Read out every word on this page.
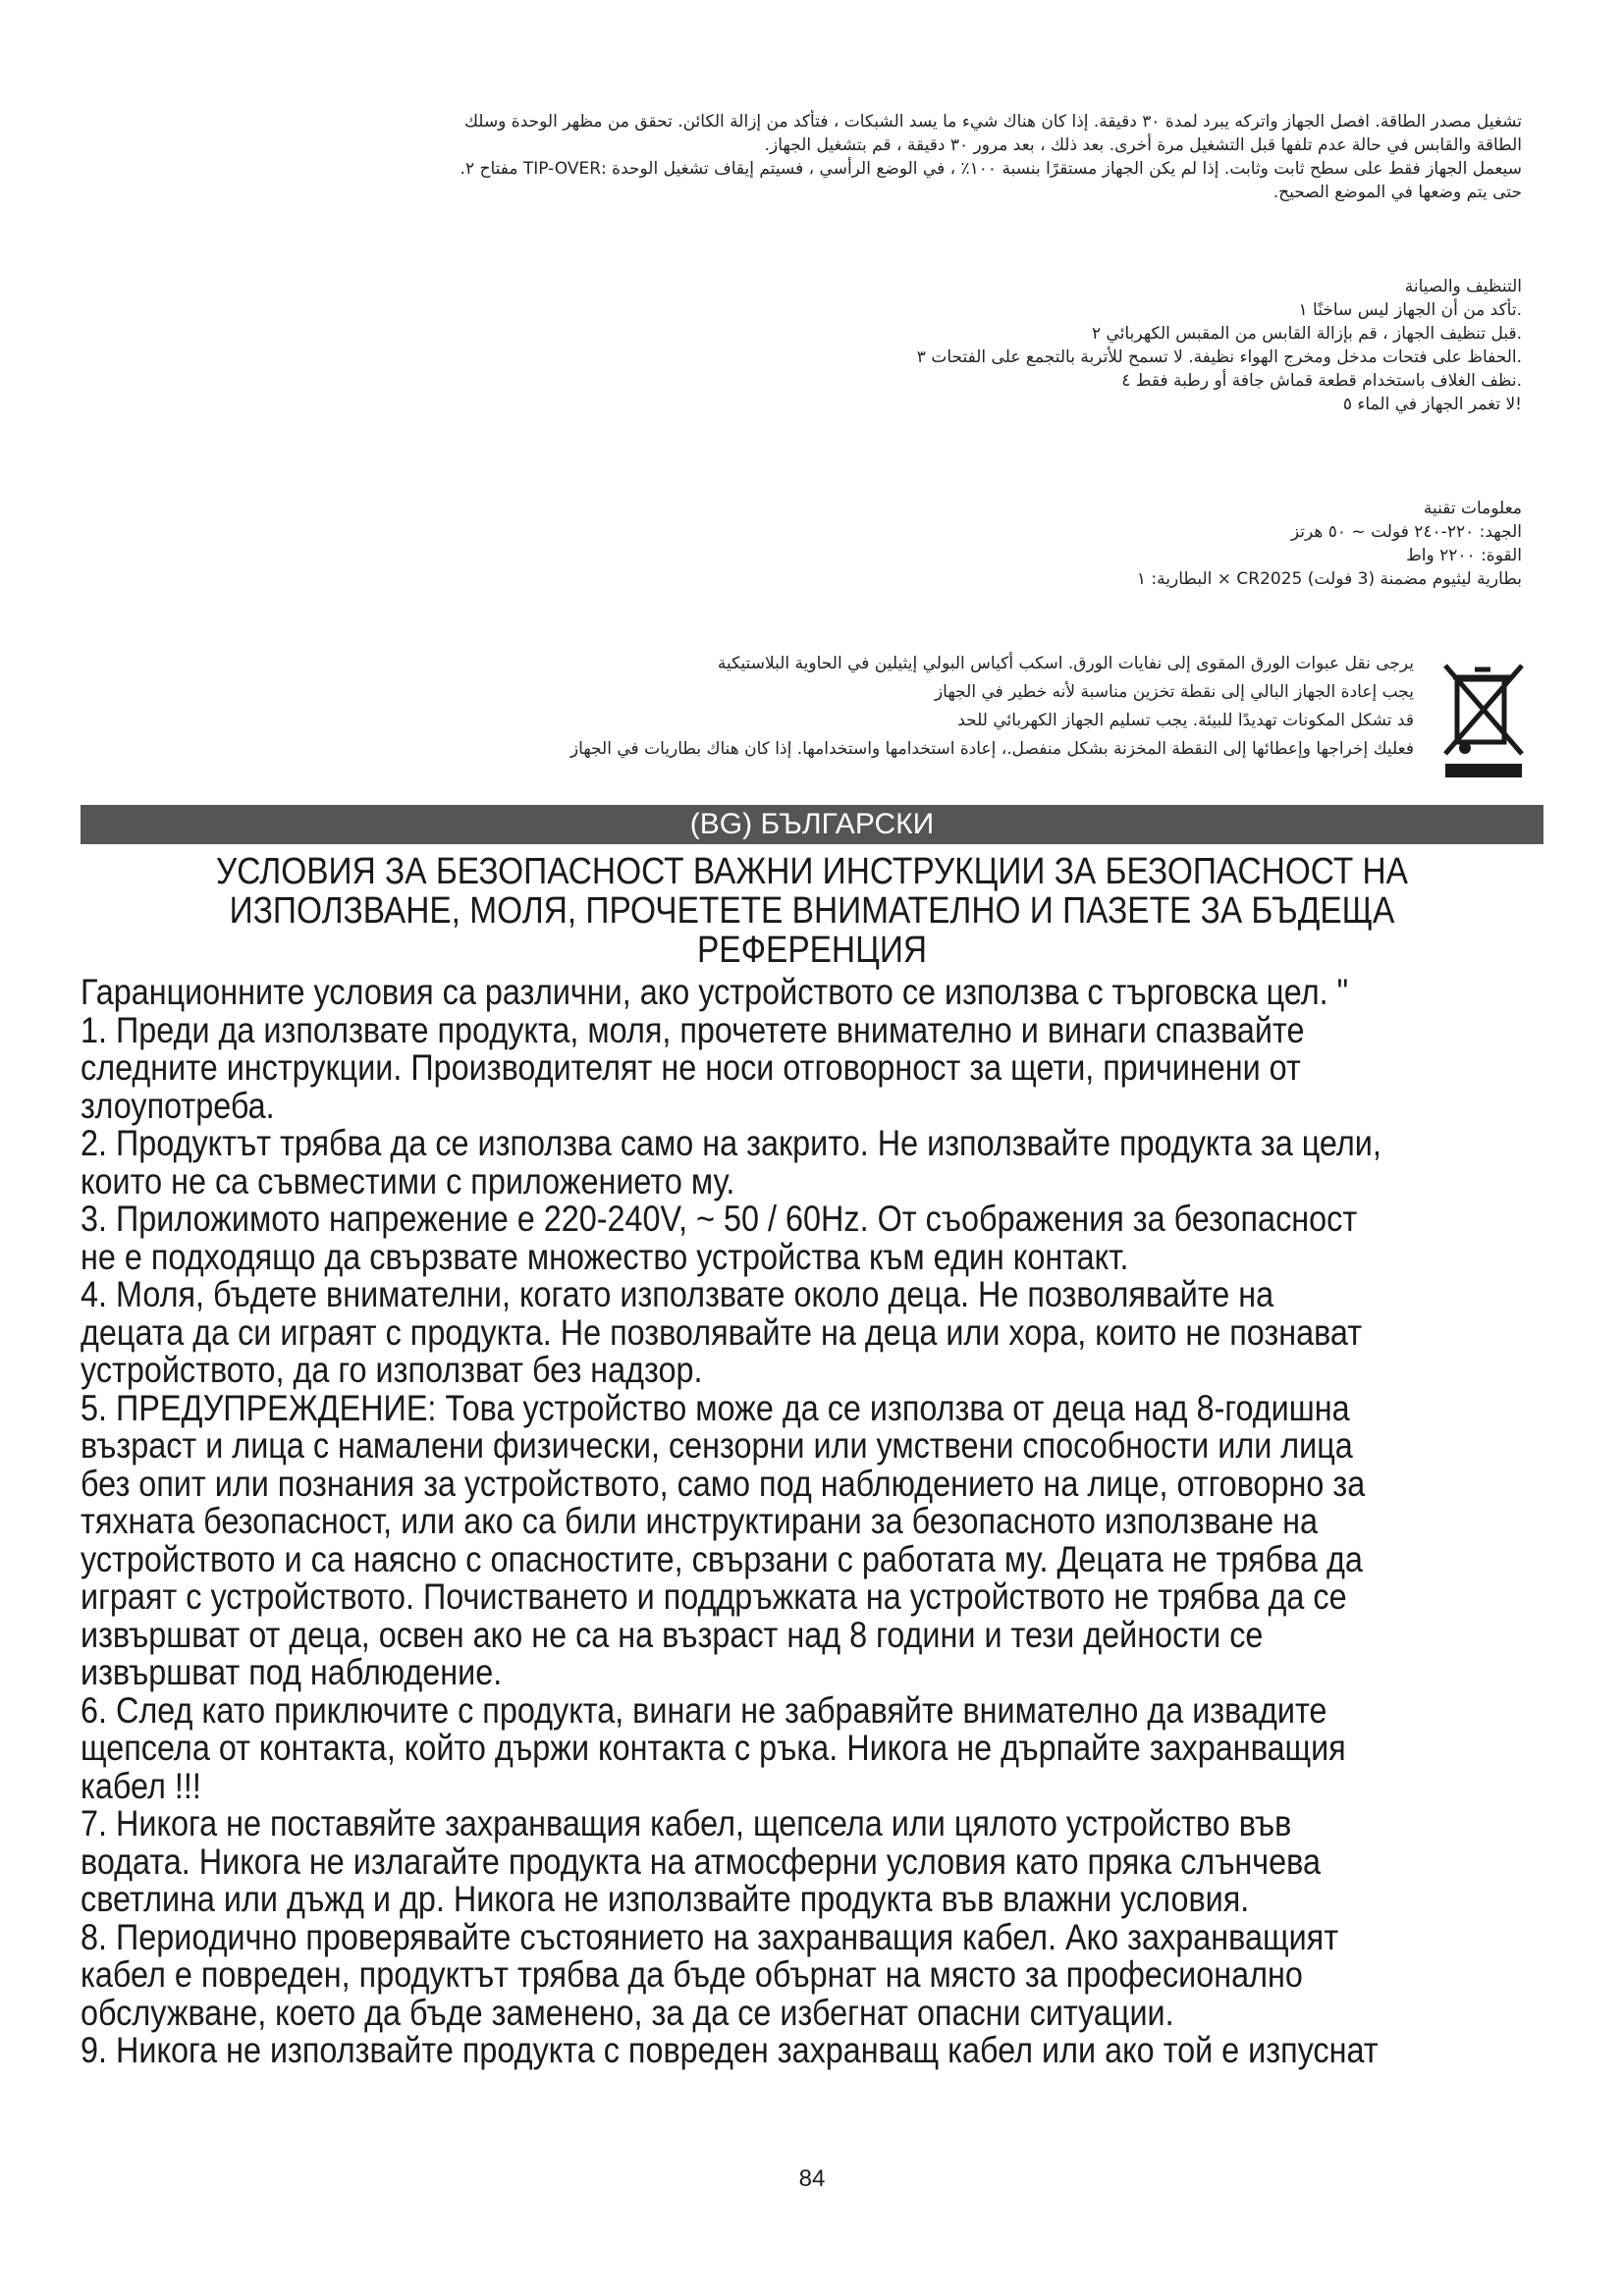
تشغيل مصدر الطاقة. افصل الجهاز واتركه يبرد لمدة ٣٠ دقيقة. إذا كان هناك شيء ما يسد الشبكات ، فتأكد من إزالة الكائن. تحقق من مظهر الوحدة وسلك
الطاقة والقابس في حالة عدم تلفها قبل التشغيل مرة أخرى. بعد ذلك ، بعد مرور ٣٠ دقيقة ، قم بتشغيل الجهاز.
سيعمل الجهاز فقط على سطح ثابت وثابت. إذا لم يكن الجهاز مستقرًا بنسبة ١٠٠٪ ، في الوضع الرأسي ، فسيتم إيقاف تشغيل الوحدة :TIP-OVER مفتاح ٢.
حتى يتم وضعها في الموضع الصحيح.
التنظيف والصيانة
.تأكد من أن الجهاز ليس ساخنًا ١
.قبل تنظيف الجهاز ، قم بإزالة القابس من المقبس الكهربائي ٢
.الحفاظ على فتحات مدخل ومخرج الهواء نظيفة. لا تسمح للأتربة بالتجمع على الفتحات ٣
.نظف الغلاف باستخدام قطعة قماش جافة أو رطبة فقط ٤
!لا تغمر الجهاز في الماء ٥
معلومات تقنية
الجهد: ٢٢٠-٢٤٠ فولت ~ ٥٠ هرتز
القوة: ٢٢٠٠ واط
بطارية ليثيوم مضمنة (3 فولت) CR2025 × البطارية: ١
يرجى نقل عبوات الورق المقوى إلى نفايات الورق. اسكب أكياس البولي إيثيلين في الحاوية البلاستيكية
يجب إعادة الجهاز البالي إلى نقطة تخزين مناسبة لأنه خطير في الجهاز
قد تشكل المكونات تهديدًا للبيئة. يجب تسليم الجهاز الكهربائي للحد
فعليك إخراجها وإعطائها إلى النقطة المخزنة بشكل منفصل.، إعادة استخدامها واستخدامها. إذا كان هناك بطاريات في الجهاز
(BG) БЪЛГАРСКИ
УСЛОВИЯ ЗА БЕЗОПАСНОСТ ВАЖНИ ИНСТРУКЦИИ ЗА БЕЗОПАСНОСТ НА
ИЗПОЛЗВАНЕ, МОЛЯ, ПРОЧЕТЕТЕ ВНИМАТЕЛНО И ПАЗЕТЕ ЗА БЪДЕЩА
РЕФЕРЕНЦИЯ
Гаранционните условия са различни, ако устройството се използва с търговска цел. "
1. Преди да използвате продукта, моля, прочетете внимателно и винаги спазвайте
следните инструкции. Производителят не носи отговорност за щети, причинени от
злоупотреба.
2. Продуктът трябва да се използва само на закрито. Не използвайте продукта за цели,
които не са съвместими с приложението му.
3. Приложимото напрежение е 220-240V, ~ 50 / 60Hz. От съображения за безопасност
не е подходящо да свързвате множество устройства към един контакт.
4. Моля, бъдете внимателни, когато използвате около деца. Не позволявайте на
децата да си играят с продукта. Не позволявайте на деца или хора, които не познават
устройството, да го използват без надзор.
5. ПРЕДУПРЕЖДЕНИЕ: Това устройство може да се използва от деца над 8-годишна
възраст и лица с намалени физически, сензорни или умствени способности или лица
без опит или познания за устройството, само под наблюдението на лице, отговорно за
тяхната безопасност, или ако са били инструктирани за безопасното използване на
устройството и са наясно с опасностите, свързани с работата му. Децата не трябва да
играят с устройството. Почистването и поддръжката на устройството не трябва да се
извършват от деца, освен ако не са на възраст над 8 години и тези дейности се
извършват под наблюдение.
6. След като приключите с продукта, винаги не забравяйте внимателно да извадите
щепсела от контакта, който държи контакта с ръка. Никога не дърпайте захранващия
кабел !!!
7. Никога не поставяйте захранващия кабел, щепсела или цялото устройство във
водата. Никога не излагайте продукта на атмосферни условия като пряка слънчева
светлина или дъжд и др. Никога не използвайте продукта във влажни условия.
8. Периодично проверявайте състоянието на захранващия кабел. Ако захранващият
кабел е повреден, продуктът трябва да бъде обърнат на място за професионално
обслужване, което да бъде заменено, за да се избегнат опасни ситуации.
9. Никога не използвайте продукта с повреден захранващ кабел или ако той е изпуснат
84
